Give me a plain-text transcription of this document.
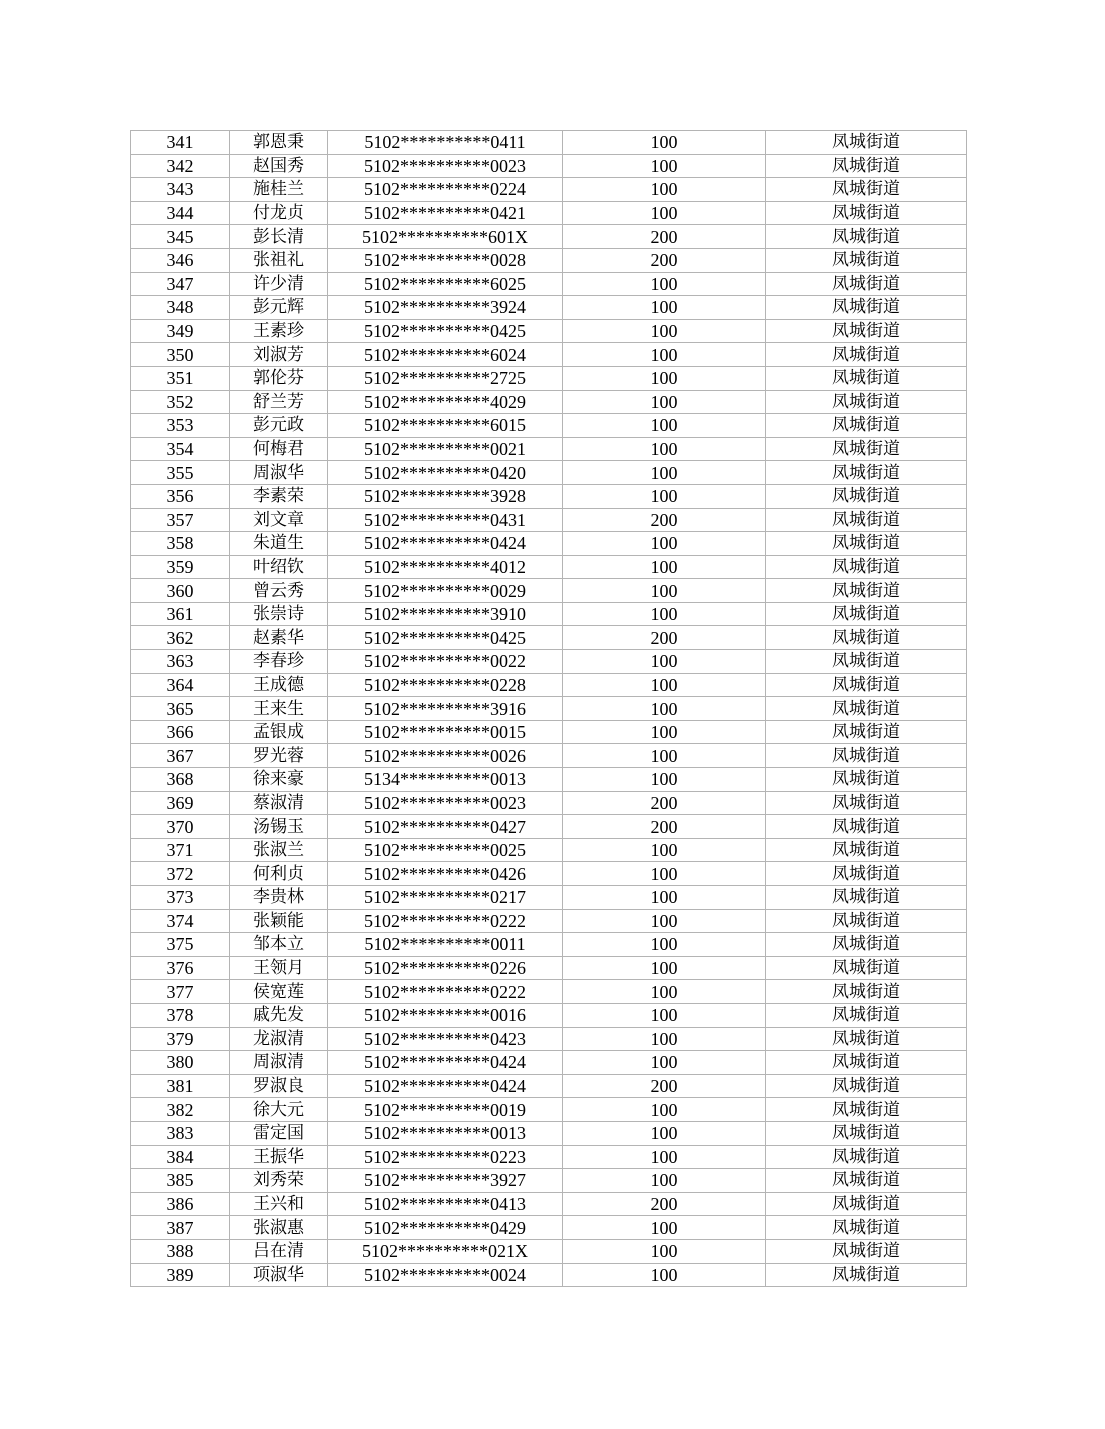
341	郭恩秉	5102**********0411	100	凤城街道
342	赵国秀	5102**********0023	100	凤城街道
343	施桂兰	5102**********0224	100	凤城街道
344	付龙贞	5102**********0421	100	凤城街道
345	彭长清	5102**********601X	200	凤城街道
346	张祖礼	5102**********0028	200	凤城街道
347	许少清	5102**********6025	100	凤城街道
348	彭元辉	5102**********3924	100	凤城街道
349	王素珍	5102**********0425	100	凤城街道
350	刘淑芳	5102**********6024	100	凤城街道
351	郭伦芬	5102**********2725	100	凤城街道
352	舒兰芳	5102**********4029	100	凤城街道
353	彭元政	5102**********6015	100	凤城街道
354	何梅君	5102**********0021	100	凤城街道
355	周淑华	5102**********0420	100	凤城街道
356	李素荣	5102**********3928	100	凤城街道
357	刘文章	5102**********0431	200	凤城街道
358	朱道生	5102**********0424	100	凤城街道
359	叶绍钦	5102**********4012	100	凤城街道
360	曾云秀	5102**********0029	100	凤城街道
361	张崇诗	5102**********3910	100	凤城街道
362	赵素华	5102**********0425	200	凤城街道
363	李春珍	5102**********0022	100	凤城街道
364	王成德	5102**********0228	100	凤城街道
365	王来生	5102**********3916	100	凤城街道
366	孟银成	5102**********0015	100	凤城街道
367	罗光蓉	5102**********0026	100	凤城街道
368	徐来豪	5134**********0013	100	凤城街道
369	蔡淑清	5102**********0023	200	凤城街道
370	汤锡玉	5102**********0427	200	凤城街道
371	张淑兰	5102**********0025	100	凤城街道
372	何利贞	5102**********0426	100	凤城街道
373	李贵林	5102**********0217	100	凤城街道
374	张颖能	5102**********0222	100	凤城街道
375	邹本立	5102**********0011	100	凤城街道
376	王领月	5102**********0226	100	凤城街道
377	侯宽莲	5102**********0222	100	凤城街道
378	戚先发	5102**********0016	100	凤城街道
379	龙淑清	5102**********0423	100	凤城街道
380	周淑清	5102**********0424	100	凤城街道
381	罗淑良	5102**********0424	200	凤城街道
382	徐大元	5102**********0019	100	凤城街道
383	雷定国	5102**********0013	100	凤城街道
384	王振华	5102**********0223	100	凤城街道
385	刘秀荣	5102**********3927	100	凤城街道
386	王兴和	5102**********0413	200	凤城街道
387	张淑惠	5102**********0429	100	凤城街道
388	吕在清	5102**********021X	100	凤城街道
389	项淑华	5102**********0024	100	凤城街道
